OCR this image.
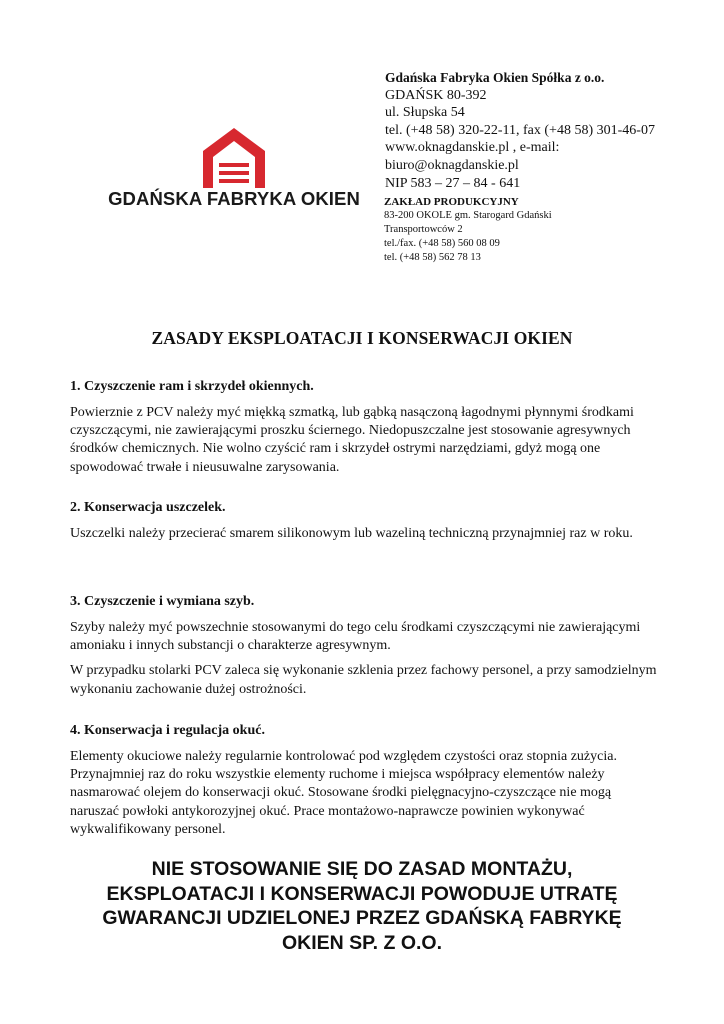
GDAŃSKA FABRYKA OKIEN
Gdańska Fabryka Okien Spółka z o.o.
GDAŃSK 80-392
ul. Słupska 54
tel. (+48 58) 320-22-11, fax (+48 58) 301-46-07
www.oknagdanskie.pl , e-mail:
biuro@oknagdanskie.pl
NIP 583 – 27 – 84 - 641
ZAKŁAD PRODUKCYJNY
83-200 OKOLE gm. Starogard Gdański
Transportowców 2
tel./fax. (+48 58) 560 08 09
tel. (+48 58) 562 78 13
ZASADY EKSPLOATACJI I KONSERWACJI OKIEN
1. Czyszczenie ram i skrzydeł okiennych.

Powierznie z PCV należy myć miękką szmatką, lub gąbką nasączoną łagodnymi płynnymi środkami czyszczącymi, nie zawierającymi proszku ściernego. Niedopuszczalne jest stosowanie agresywnych środków chemicznych. Nie wolno czyścić ram i skrzydeł ostrymi narzędziami, gdyż mogą one spowodować trwałe i nieusuwalne zarysowania.

2. Konserwacja uszczelek.

Uszczelki należy przecierać smarem silikonowym lub wazeliną techniczną przynajmniej raz w roku.

3. Czyszczenie i wymiana szyb.

Szyby należy myć powszechnie stosowanymi do tego celu środkami czyszczącymi nie zawierającymi amoniaku i innych substancji o charakterze agresywnym.

W przypadku stolarki PCV zaleca się wykonanie szklenia przez fachowy personel, a przy samodzielnym wykonaniu zachowanie dużej ostrożności.

4. Konserwacja i regulacja okuć.

Elementy okuciowe należy regularnie kontrolować pod względem czystości oraz stopnia zużycia. Przynajmniej raz do roku wszystkie elementy ruchome i miejsca współpracy elementów należy nasmarować olejem do konserwacji okuć. Stosowane środki pielęgnacyjno-czyszczące nie mogą naruszać powłoki antykorozyjnej okuć. Prace montażowo-naprawcze powinien wykonywać wykwalifikowany personel.

NIE STOSOWANIE SIĘ DO ZASAD MONTAŻU,
EKSPLOATACJI I KONSERWACJI POWODUJE UTRATĘ
GWARANCJI UDZIELONEJ PRZEZ GDAŃSKĄ FABRYKĘ
OKIEN SP. Z O.O.
